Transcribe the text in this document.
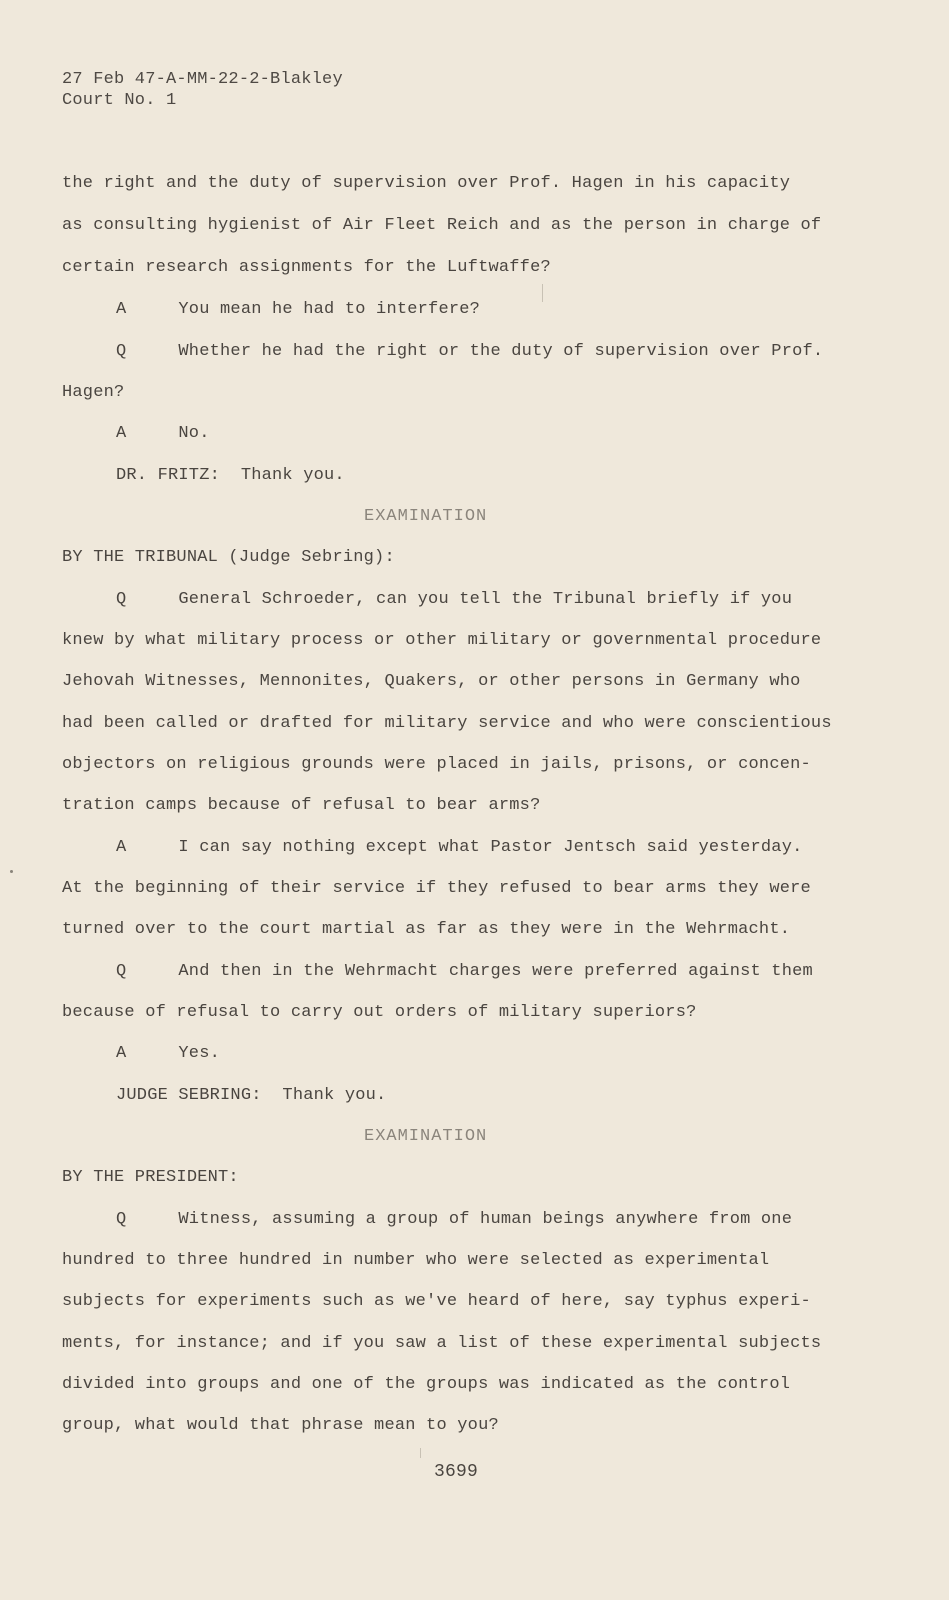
27 Feb 47-A-MM-22-2-Blakley
Court No. 1
the right and the duty of supervision over Prof. Hagen in his capacity
as consulting hygienist of Air Fleet Reich and as the person in charge of
certain research assignments for the Luftwaffe?
A     You mean he had to interfere?
Q     Whether he had the right or the duty of supervision over Prof.
Hagen?
A     No.
DR. FRITZ:  Thank you.
EXAMINATION
BY THE TRIBUNAL (Judge Sebring):
Q     General Schroeder, can you tell the Tribunal briefly if you
knew by what military process or other military or governmental procedure
Jehovah Witnesses, Mennonites, Quakers, or other persons in Germany who
had been called or drafted for military service and who were conscientious
objectors on religious grounds were placed in jails, prisons, or concen-
tration camps because of refusal to bear arms?
A     I can say nothing except what Pastor Jentsch said yesterday.
At the beginning of their service if they refused to bear arms they were
turned over to the court martial as far as they were in the Wehrmacht.
Q     And then in the Wehrmacht charges were preferred against them
because of refusal to carry out orders of military superiors?
A     Yes.
JUDGE SEBRING:  Thank you.
EXAMINATION
BY THE PRESIDENT:
Q     Witness, assuming a group of human beings anywhere from one
hundred to three hundred in number who were selected as experimental
subjects for experiments such as we've heard of here, say typhus experi-
ments, for instance; and if you saw a list of these experimental subjects
divided into groups and one of the groups was indicated as the control
group, what would that phrase mean to you?
3699
